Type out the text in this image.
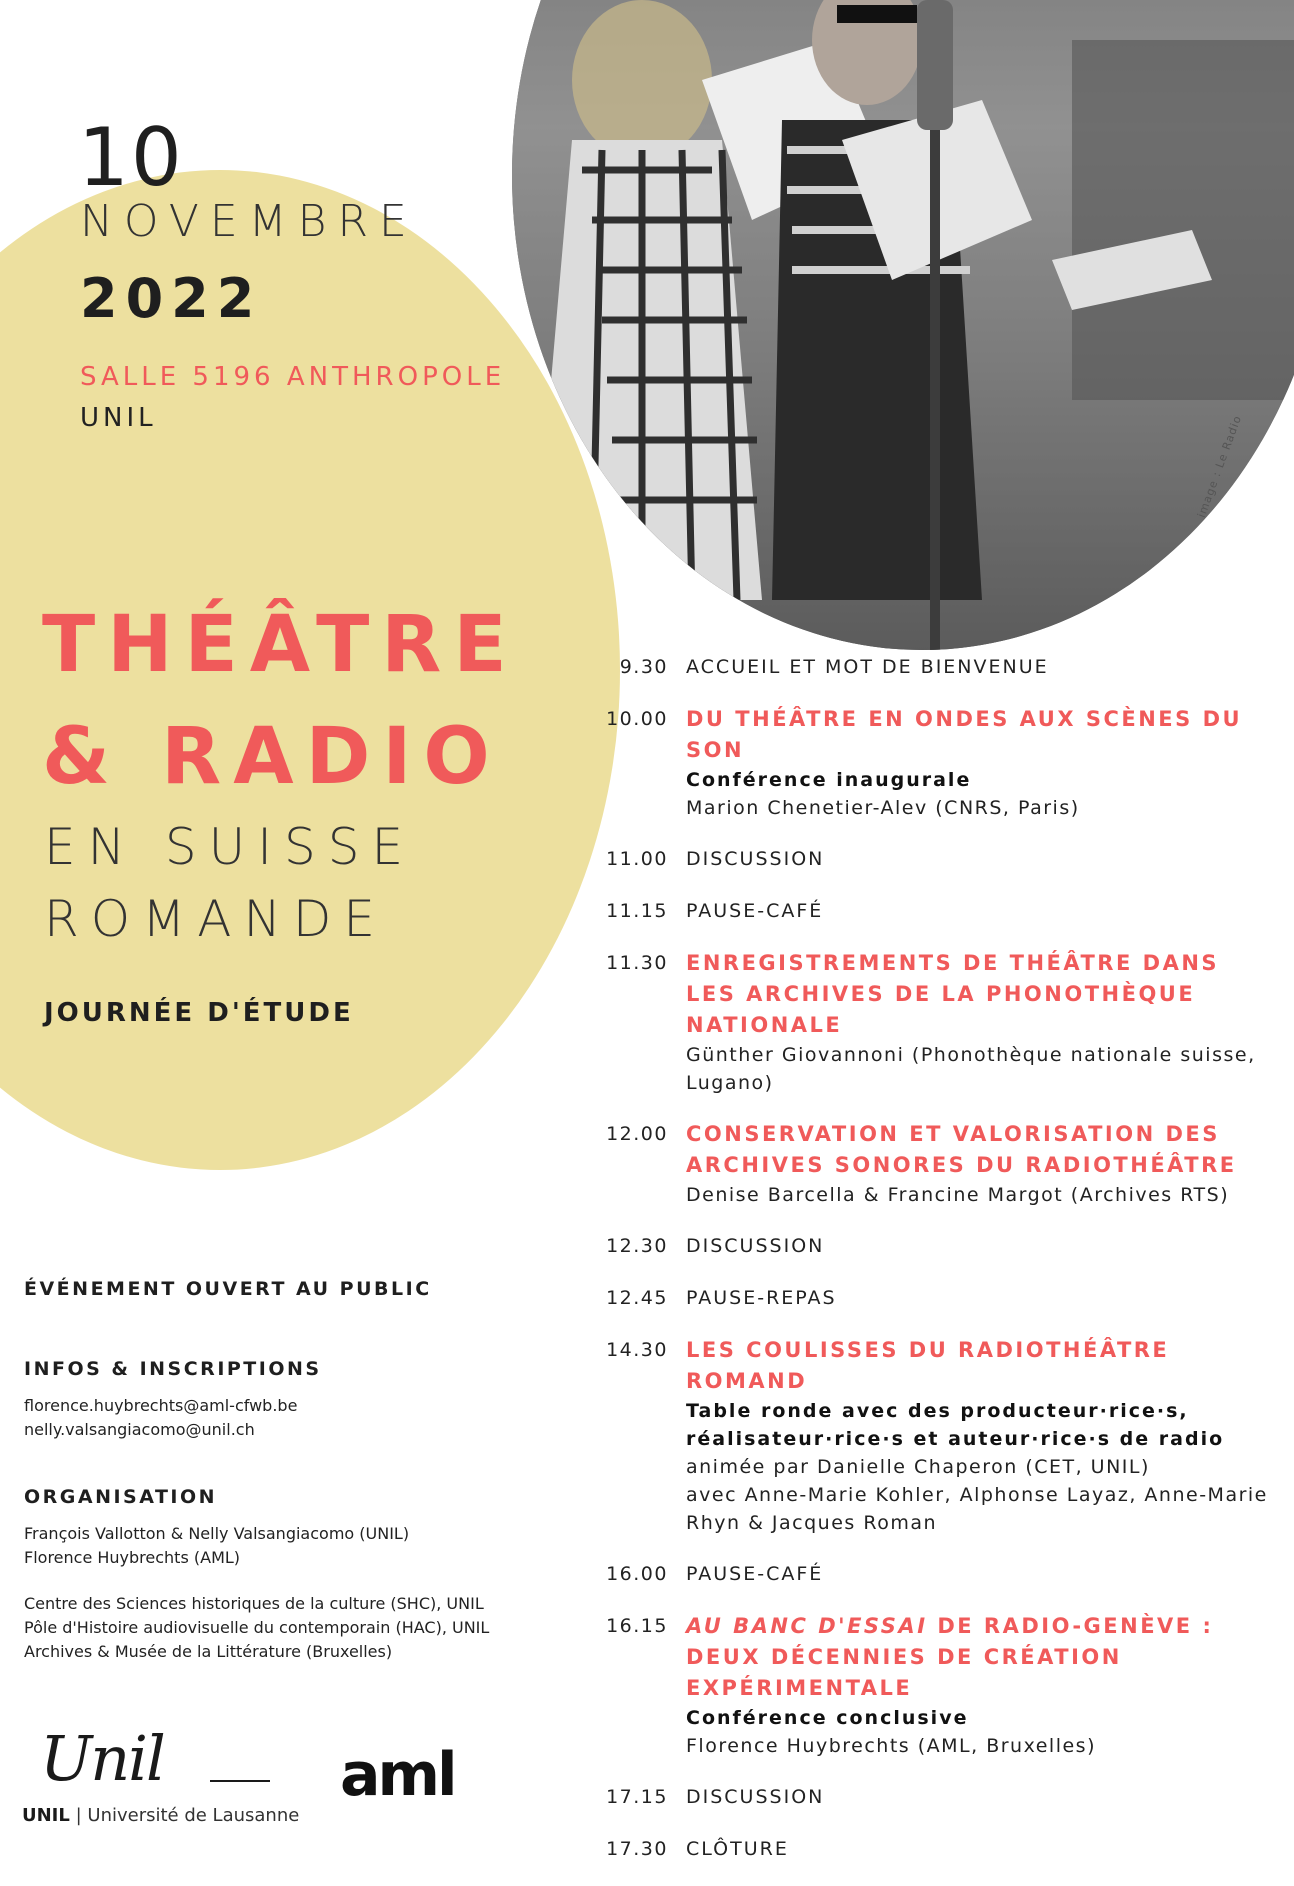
image : Le Radio
10
NOVEMBRE
2022
SALLE 5196 ANTHROPOLE
UNIL
THÉÂTRE
& RADIO
EN SUISSE
ROMANDE
JOURNÉE D'ÉTUDE

ÉVÉNEMENT OUVERT AU PUBLIC

INFOS & INSCRIPTIONS

florence.huybrechts@aml-cfwb.be

nelly.valsangiacomo@unil.ch

ORGANISATION

François Vallotton & Nelly Valsangiacomo (UNIL)

Florence Huybrechts (AML)

Centre des Sciences historiques de la culture (SHC), UNIL

Pôle d'Histoire audiovisuelle du contemporain (HAC), UNIL

Archives & Musée de la Littérature (Bruxelles)

Unil
UNIL | Université de Lausanne
aml
9.30 ACCUEIL ET MOT DE BIENVENUE
10.00 DU THÉÂTRE EN ONDES AUX SCÈNES DU SON
Conférence inaugurale
Marion Chenetier-Alev (CNRS, Paris)
11.00 DISCUSSION
11.15 PAUSE-CAFÉ
11.30 ENREGISTREMENTS DE THÉÂTRE DANS LES ARCHIVES DE LA PHONOTHÈQUE NATIONALE
Günther Giovannoni (Phonothèque nationale suisse, Lugano)
12.00 CONSERVATION ET VALORISATION DES ARCHIVES SONORES DU RADIOTHÉÂTRE
Denise Barcella & Francine Margot (Archives RTS)
12.30 DISCUSSION
12.45 PAUSE-REPAS
14.30 LES COULISSES DU RADIOTHÉÂTRE ROMAND
Table ronde avec des producteur·rice·s, réalisateur·rice·s et auteur·rice·s de radio
animée par Danielle Chaperon (CET, UNIL)
avec Anne-Marie Kohler, Alphonse Layaz, Anne-Marie Rhyn & Jacques Roman
16.00 PAUSE-CAFÉ
16.15 AU BANC D'ESSAI DE RADIO-GENÈVE : DEUX DÉCENNIES DE CRÉATION EXPÉRIMENTALE
Conférence conclusive
Florence Huybrechts (AML, Bruxelles)
17.15 DISCUSSION
17.30 CLÔTURE
